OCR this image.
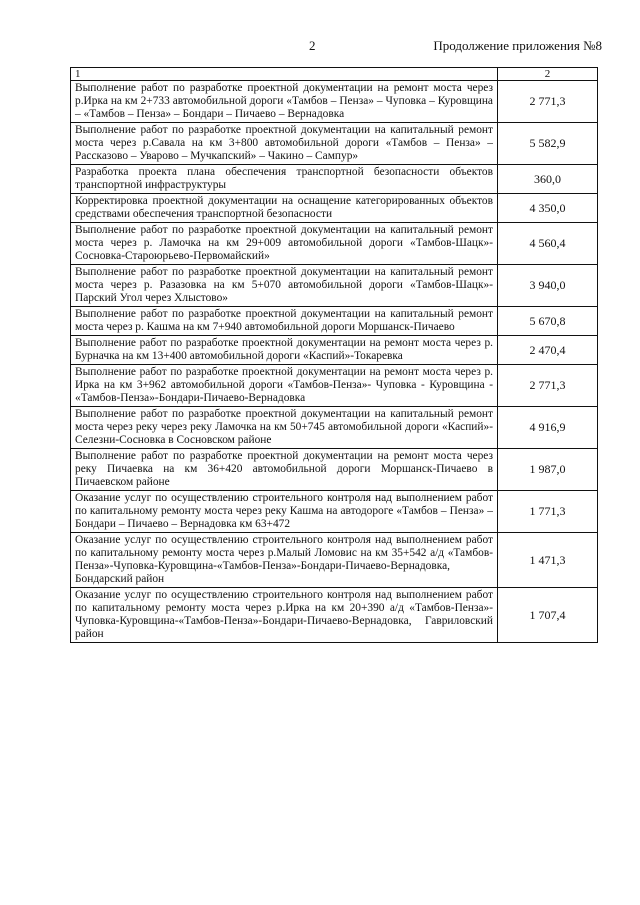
2	Продолжение приложения №8
1	2
Выполнение работ по разработке проектной документации на ремонт моста через р.Ирка на км 2+733 автомобильной дороги «Тамбов – Пенза» – Чуповка – Куровщина – «Тамбов – Пенза» – Бондари – Пичаево – Вернадовка	2 771,3
Выполнение работ по разработке проектной документации на капитальный ремонт моста через р.Савала на км 3+800 автомобильной дороги «Тамбов – Пенза» – Рассказово – Уварово – Мучкапский» – Чакино – Сампур»	5 582,9
Разработка проекта плана обеспечения транспортной безопасности объектов транспортной инфраструктуры	360,0
Корректировка проектной документации на оснащение категорированных объектов средствами обеспечения транспортной безопасности	4 350,0
Выполнение работ по разработке проектной документации на капитальный ремонт моста через р. Ламочка на км 29+009 автомобильной дороги «Тамбов-Шацк»-Сосновка-Староюрьево-Первомайский»	4 560,4
Выполнение работ по разработке проектной документации на капитальный ремонт моста через р. Разазовка на км 5+070 автомобильной дороги «Тамбов-Шацк»-Парский Угол через Хлыстово»	3 940,0
Выполнение работ по разработке проектной документации на капитальный ремонт моста через р. Кашма на км 7+940 автомобильной дороги Моршанск-Пичаево	5 670,8
Выполнение работ по разработке проектной документации на ремонт моста через р. Бурначка на км 13+400 автомобильной дороги «Каспий»-Токаревка	2 470,4
Выполнение работ по разработке проектной документации на ремонт моста через р. Ирка на км 3+962 автомобильной дороги «Тамбов-Пенза»- Чуповка - Куровщина - «Тамбов-Пенза»-Бондари-Пичаево-Вернадовка	2 771,3
Выполнение работ по разработке проектной документации на капитальный ремонт моста через реку через реку Ламочка на км 50+745 автомобильной дороги «Каспий»-Селезни-Сосновка в Сосновском районе	4 916,9
Выполнение работ по разработке проектной документации на ремонт моста через реку Пичаевка на км 36+420 автомобильной дороги Моршанск-Пичаево в Пичаевском районе	1 987,0
Оказание услуг по осуществлению строительного контроля над выполнением работ по капитальному ремонту моста через реку Кашма на автодороге «Тамбов – Пенза» – Бондари – Пичаево – Вернадовка км 63+472	1 771,3
Оказание услуг по осуществлению строительного контроля над выполнением работ по капитальному ремонту моста через р.Малый Ломовис на км 35+542 а/д «Тамбов-Пенза»-Чуповка-Куровщина-«Тамбов-Пенза»-Бондари-Пичаево-Вернадовка, Бондарский район	1 471,3
Оказание услуг по осуществлению строительного контроля над выполнением работ по капитальному ремонту моста через р.Ирка на км 20+390 а/д «Тамбов-Пенза»-Чуповка-Куровщина-«Тамбов-Пенза»-Бондари-Пичаево-Вернадовка, Гавриловский район	1 707,4
